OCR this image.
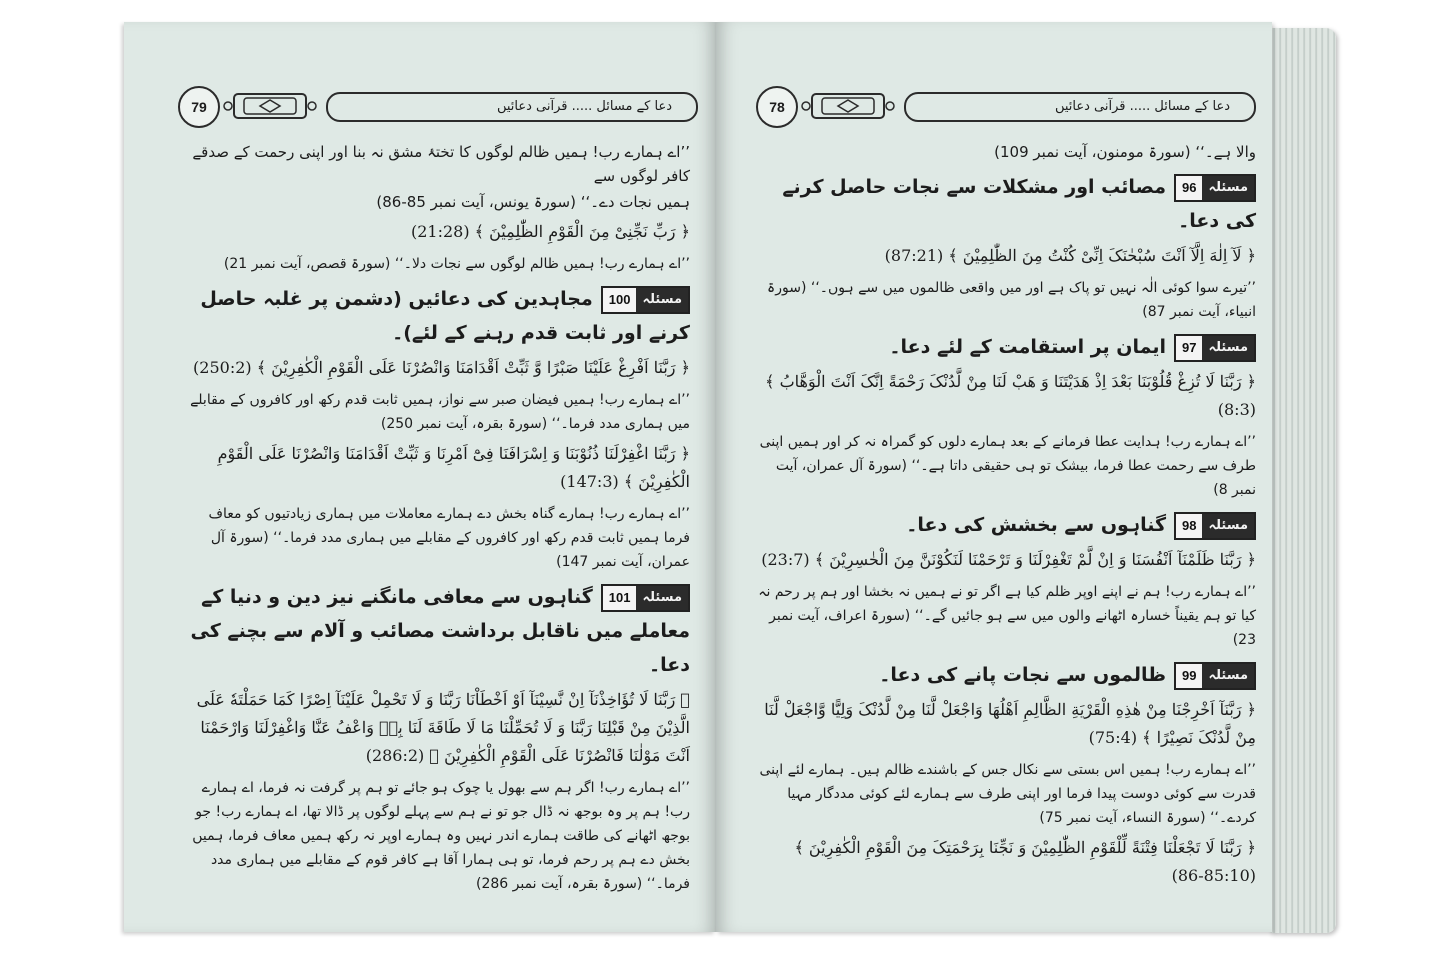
79	دعا کے مسائل ..... قرآنی دعائیں
’’اے ہمارے رب! ہمیں ظالم لوگوں کا تختۂ مشق نہ بنا اور اپنی رحمت کے صدقے کافر لوگوں سے
ہمیں نجات دے۔‘‘ (سورۃ یونس، آیت نمبر 85-86)
﴿ رَبِّ نَجِّنِیْ مِنَ الْقَوْمِ الظّٰلِمِیْنَ ﴾ (21:28)
’’اے ہمارے رب! ہمیں ظالم لوگوں سے نجات دلا۔‘‘ (سورۃ قصص، آیت نمبر 21)
مسئلہ
100
مجاہدین کی دعائیں (دشمن پر غلبہ حاصل کرنے اور ثابت قدم رہنے کے لئے)۔
﴿ رَبَّنَا اَفْرِغْ عَلَیْنَا صَبْرًا وَّ ثَبِّتْ اَقْدَامَنَا وَانْصُرْنَا عَلَی الْقَوْمِ الْکٰفِرِیْنَ ﴾ (250:2)
’’اے ہمارے رب! ہمیں فیضان صبر سے نواز، ہمیں ثابت قدم رکھ اور کافروں کے مقابلے میں ہماری مدد فرما۔‘‘ (سورۃ بقرہ، آیت نمبر 250)
﴿ رَبَّنَا اغْفِرْلَنَا ذُنُوْبَنَا وَ اِسْرَافَنَا فِیْٓ اَمْرِنَا وَ ثَبِّتْ اَقْدَامَنَا وَانْصُرْنَا عَلَی الْقَوْمِ الْکٰفِرِیْنَ ﴾ (147:3)
’’اے ہمارے رب! ہمارے گناہ بخش دے ہمارے معاملات میں ہماری زیادتیوں کو معاف فرما ہمیں ثابت قدم رکھ اور کافروں کے مقابلے میں ہماری مدد فرما۔‘‘ (سورۃ آل عمران، آیت نمبر 147)
مسئلہ
101
گناہوں سے معافی مانگنے نیز دین و دنیا کے معاملے میں ناقابل برداشت مصائب و آلام سے بچنے کی دعا۔
﴿ رَبَّنَا لَا تُؤَاخِذْنَآ اِنْ نَّسِیْنَآ اَوْ اَخْطَاْنَا رَبَّنَا وَ لَا تَحْمِلْ عَلَیْنَآ اِصْرًا کَمَا حَمَلْتَهٗ عَلَی الَّذِیْنَ مِنْ قَبْلِنَا رَبَّنَا وَ لَا تُحَمِّلْنَا مَا لَا طَاقَةَ لَنَا بِهٖ وَاعْفُ عَنَّا وَاغْفِرْلَنَا وَارْحَمْنَا اَنْتَ مَوْلٰنَا فَانْصُرْنَا عَلَی الْقَوْمِ الْکٰفِرِیْنَ ﴾ (286:2)
’’اے ہمارے رب! اگر ہم سے بھول یا چوک ہو جائے تو ہم پر گرفت نہ فرما، اے ہمارے رب! ہم پر وہ بوجھ نہ ڈال جو تو نے ہم سے پہلے لوگوں پر ڈالا تھا، اے ہمارے رب! جو بوجھ اٹھانے کی طاقت ہمارے اندر نہیں وہ ہمارے اوپر نہ رکھ ہمیں معاف فرما، ہمیں بخش دے ہم پر رحم فرما، تو ہی ہمارا آقا ہے کافر قوم کے مقابلے میں ہماری مدد فرما۔‘‘ (سورۃ بقرہ، آیت نمبر 286)
78	دعا کے مسائل ..... قرآنی دعائیں
والا ہے۔‘‘ (سورۃ مومنون، آیت نمبر 109)
مسئلہ
96
مصائب اور مشکلات سے نجات حاصل کرنے کی دعا۔
﴿ لَآ اِلٰهَ اِلَّآ اَنْتَ سُبْحٰنَکَ اِنِّیْ کُنْتُ مِنَ الظّٰلِمِیْنَ ﴾ (87:21)
’’تیرے سوا کوئی الٰہ نہیں تو پاک ہے اور میں واقعی ظالموں میں سے ہوں۔‘‘ (سورۃ انبیاء، آیت نمبر 87)
مسئلہ
97
ایمان پر استقامت کے لئے دعا۔
﴿ رَبَّنَا لَا تُزِغْ قُلُوْبَنَا بَعْدَ اِذْ هَدَیْتَنَا وَ هَبْ لَنَا مِنْ لَّدُنْکَ رَحْمَةً اِنَّکَ اَنْتَ الْوَهَّابُ ﴾ (8:3)
’’اے ہمارے رب! ہدایت عطا فرمانے کے بعد ہمارے دلوں کو گمراہ نہ کر اور ہمیں اپنی طرف سے رحمت عطا فرما، بیشک تو ہی حقیقی داتا ہے۔‘‘ (سورۃ آل عمران، آیت نمبر 8)
مسئلہ
98
گناہوں سے بخشش کی دعا۔
﴿ رَبَّنَا ظَلَمْنَآ اَنْفُسَنَا وَ اِنْ لَّمْ تَغْفِرْلَنَا وَ تَرْحَمْنَا لَنَکُوْنَنَّ مِنَ الْخٰسِرِیْنَ ﴾ (23:7)
’’اے ہمارے رب! ہم نے اپنے اوپر ظلم کیا ہے اگر تو نے ہمیں نہ بخشا اور ہم پر رحم نہ کیا تو ہم یقیناً خسارہ اٹھانے والوں میں سے ہو جائیں گے۔‘‘ (سورۃ اعراف، آیت نمبر 23)
مسئلہ
99
ظالموں سے نجات پانے کی دعا۔
﴿ رَبَّنَآ اَخْرِجْنَا مِنْ هٰذِهِ الْقَرْیَةِ الظَّالِمِ اَهْلُهَا وَاجْعَلْ لَّنَا مِنْ لَّدُنْکَ وَلِیًّا وَّاجْعَلْ لَّنَا مِنْ لَّدُنْکَ نَصِیْرًا ﴾ (75:4)
’’اے ہمارے رب! ہمیں اس بستی سے نکال جس کے باشندے ظالم ہیں۔ ہمارے لئے اپنی قدرت سے کوئی دوست پیدا فرما اور اپنی طرف سے ہمارے لئے کوئی مددگار مہیا کردے۔‘‘ (سورۃ النساء، آیت نمبر 75)
﴿ رَبَّنَا لَا تَجْعَلْنَا فِتْنَةً لِّلْقَوْمِ الظّٰلِمِیْنَ وَ نَجِّنَا بِرَحْمَتِکَ مِنَ الْقَوْمِ الْکٰفِرِیْنَ ﴾ (85:10-86)
